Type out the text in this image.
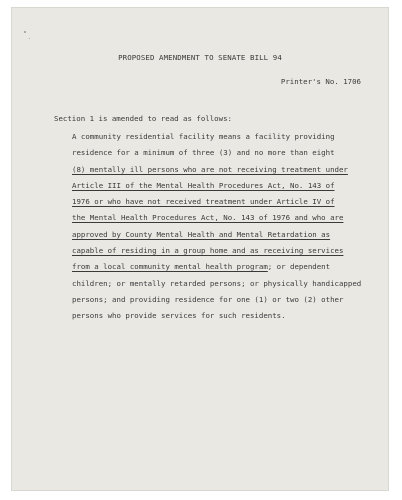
PROPOSED AMENDMENT TO SENATE BILL 94
Printer's No. 1706
Section 1 is amended to read as follows:
A community residential facility means a facility providing
residence for a minimum of three (3) and no more than eight
(8) mentally ill persons who are not receiving treatment under
Article III of the Mental Health Procedures Act, No. 143 of
1976 or who have not received treatment under Article IV of
the Mental Health Procedures Act, No. 143 of 1976 and who are
approved by County Mental Health and Mental Retardation as
capable of residing in a group home and as receiving services
from a local community mental health program; or dependent
children; or mentally retarded persons; or physically handicapped
persons; and providing residence for one (1) or two (2) other
persons who provide services for such residents.
